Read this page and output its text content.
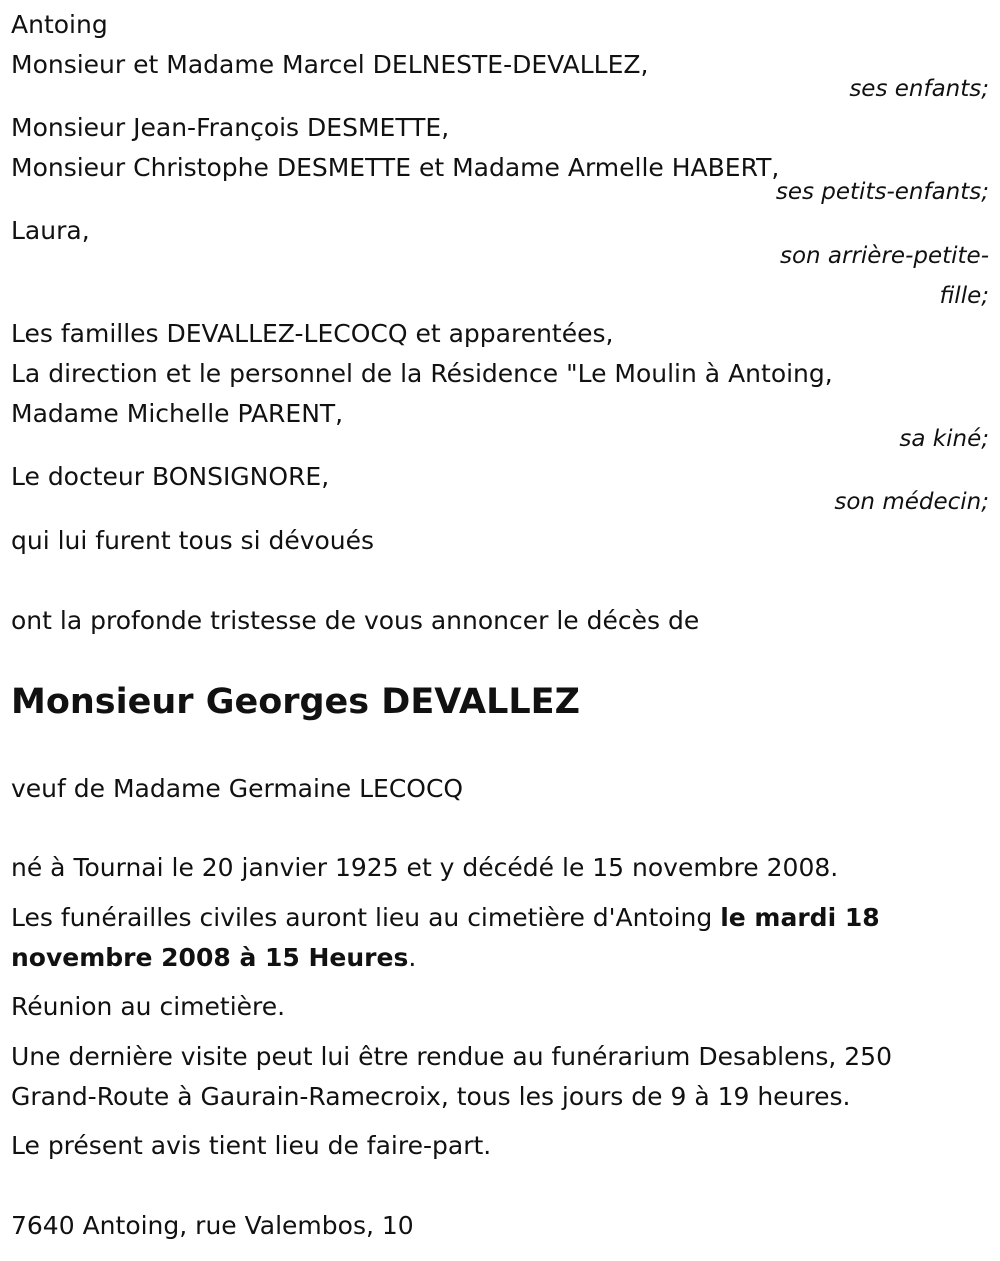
Antoing
Monsieur et Madame Marcel DELNESTE-DEVALLEZ,
ses enfants;
Monsieur Jean-François DESMETTE,
Monsieur Christophe DESMETTE et Madame Armelle HABERT,
ses petits-enfants;
Laura,
son arrière-petite-
fille;
Les familles DEVALLEZ-LECOCQ et apparentées,
La direction et le personnel de la Résidence "Le Moulin à Antoing,
Madame Michelle PARENT,
sa kiné;
Le docteur BONSIGNORE,
son médecin;
qui lui furent tous si dévoués
ont la profonde tristesse de vous annoncer le décès de
Monsieur Georges DEVALLEZ
veuf de Madame Germaine LECOCQ
né à Tournai le 20 janvier 1925 et y décédé le 15 novembre 2008.
Les funérailles civiles auront lieu au cimetière d'Antoing le mardi 18 novembre 2008 à 15 Heures.
Réunion au cimetière.
Une dernière visite peut lui être rendue au funérarium Desablens, 250 Grand-Route à Gaurain-Ramecroix, tous les jours de 9 à 19 heures.
Le présent avis tient lieu de faire-part.
7640 Antoing, rue Valembos, 10
